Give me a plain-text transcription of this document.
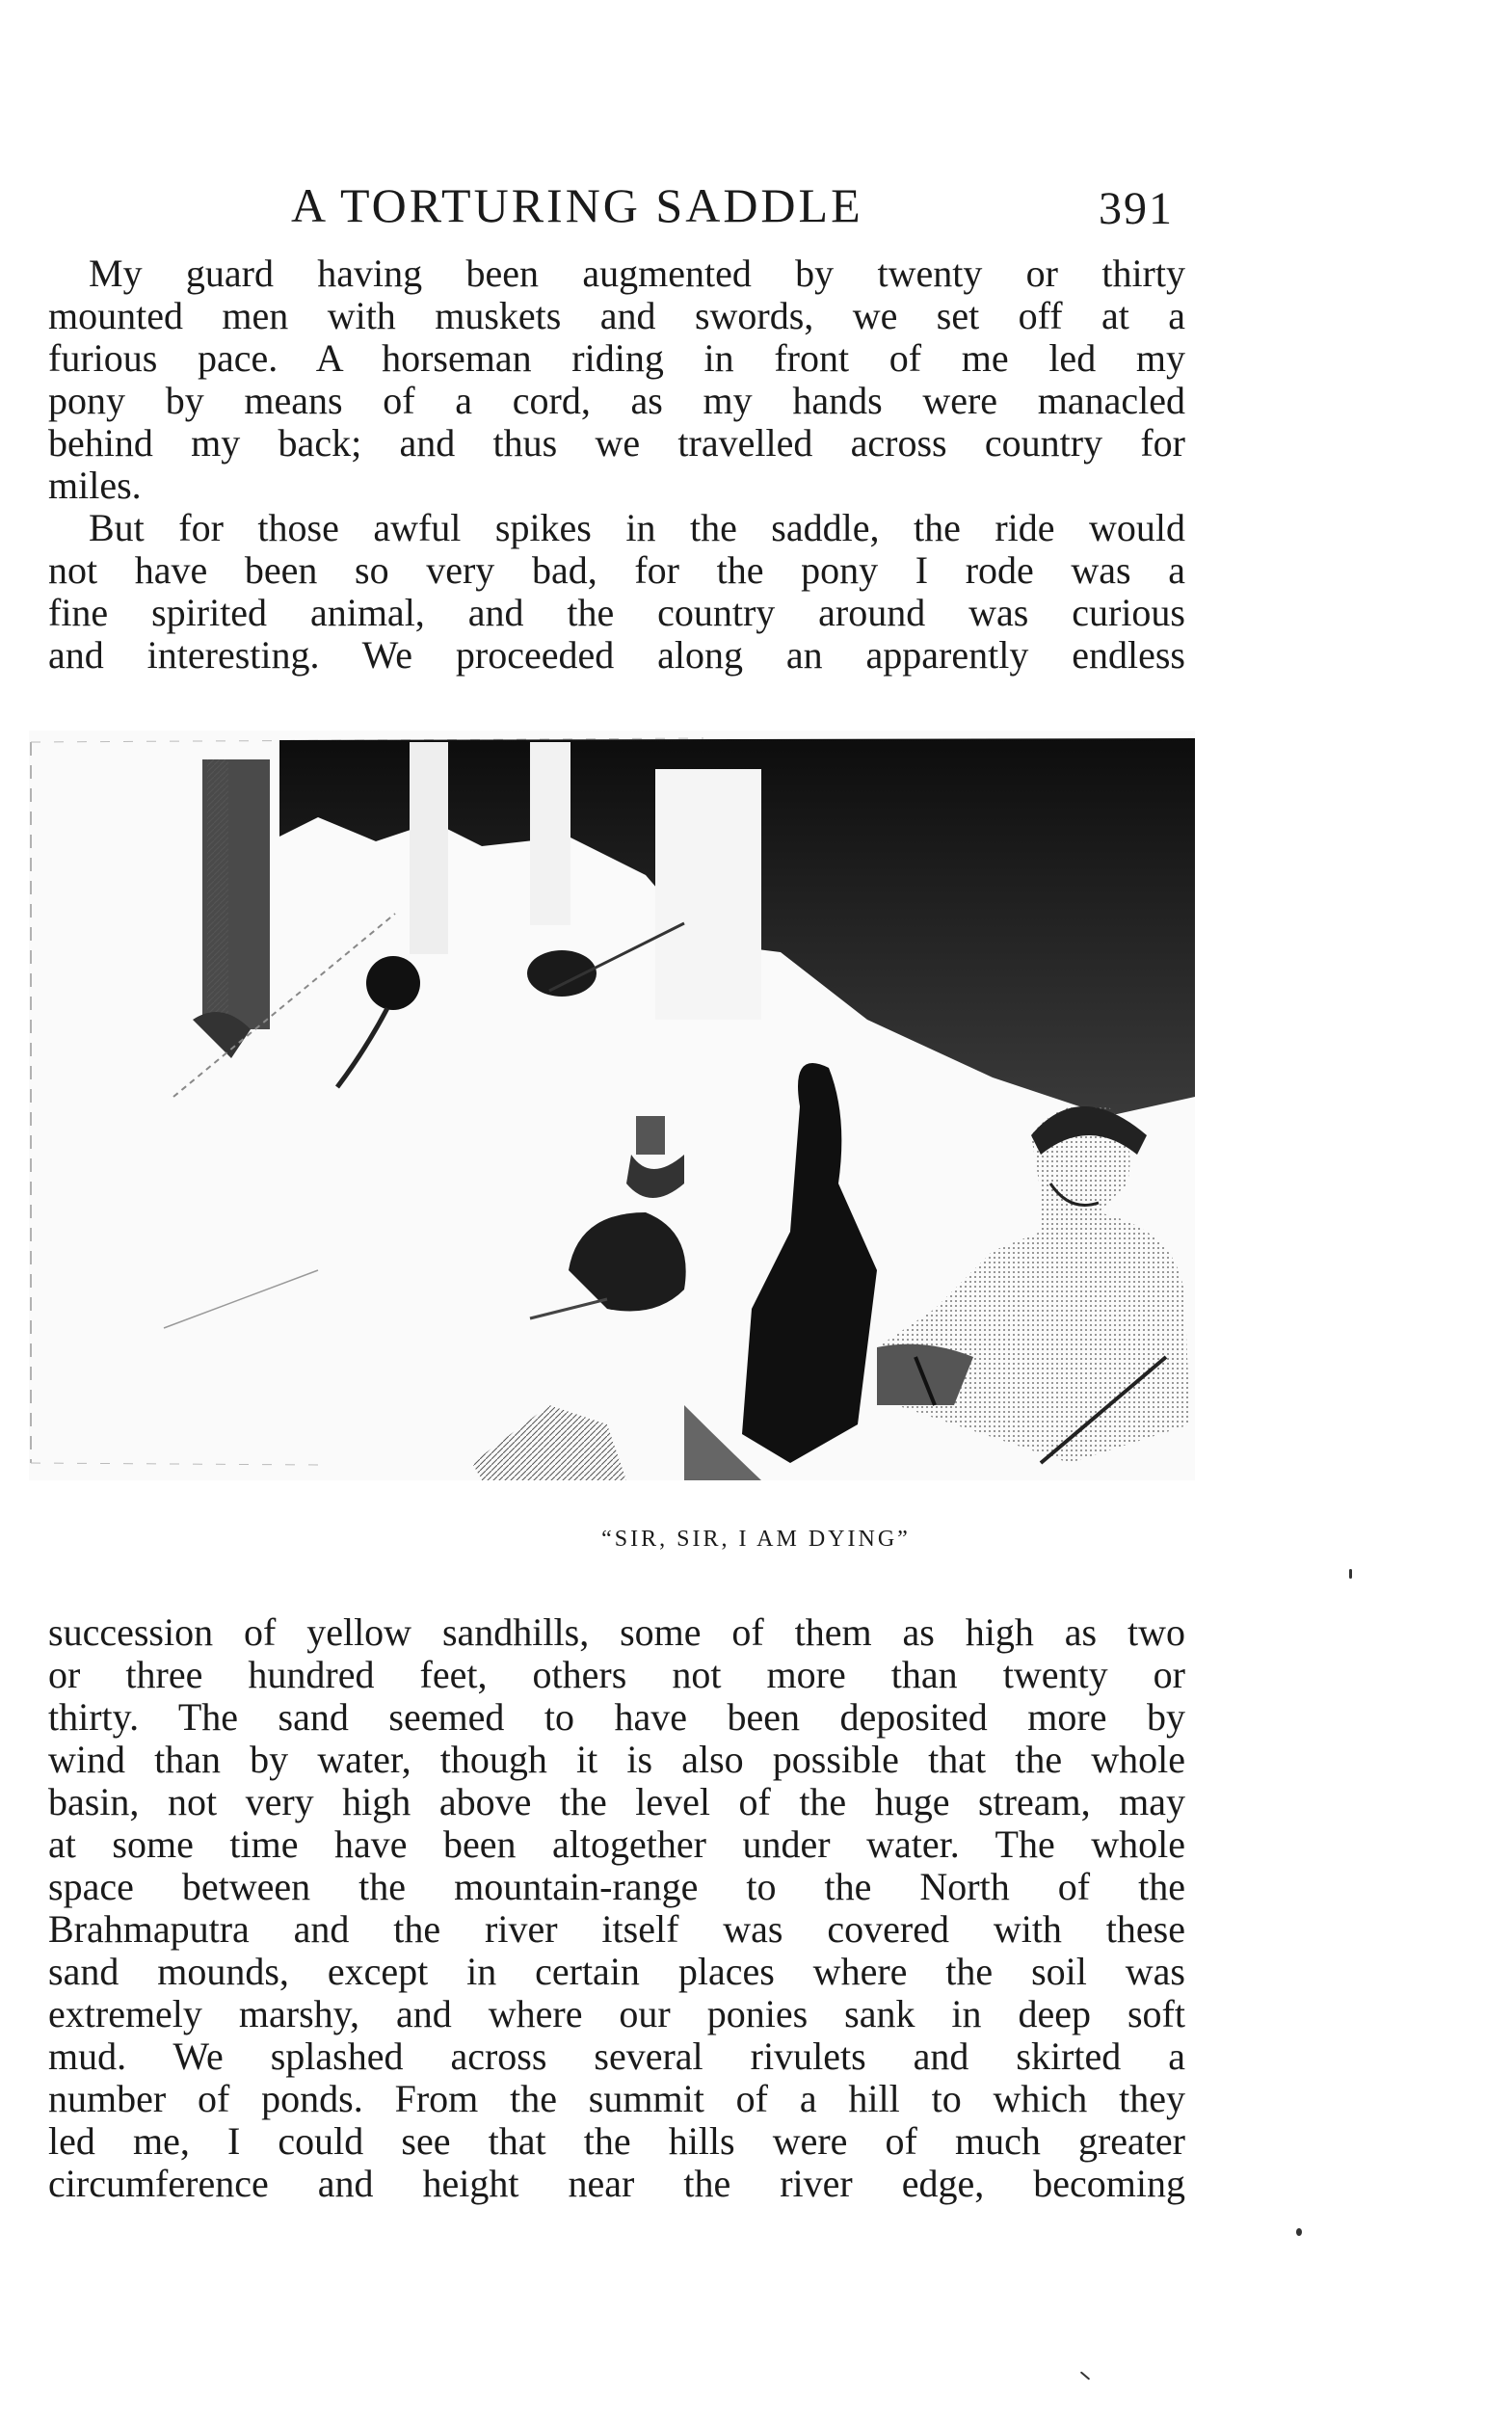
A TORTURING SADDLE	391
My guard having been augmented by twenty or thirty
mounted men with muskets and swords, we set off at a
furious pace. A horseman riding in front of me led my
pony by means of a cord, as my hands were manacled
behind my back; and thus we travelled across country for
miles.
But for those awful spikes in the saddle, the ride would
not have been so very bad, for the pony I rode was a
fine spirited animal, and the country around was curious
and interesting. We proceeded along an apparently endless
“SIR, SIR, I AM DYING”
succession of yellow sandhills, some of them as high as two
or three hundred feet, others not more than twenty or
thirty. The sand seemed to have been deposited more by
wind than by water, though it is also possible that the whole
basin, not very high above the level of the huge stream, may
at some time have been altogether under water. The whole
space between the mountain-range to the North of the
Brahmaputra and the river itself was covered with these
sand mounds, except in certain places where the soil was
extremely marshy, and where our ponies sank in deep soft
mud. We splashed across several rivulets and skirted a
number of ponds. From the summit of a hill to which they
led me, I could see that the hills were of much greater
circumference and height near the river edge, becoming
